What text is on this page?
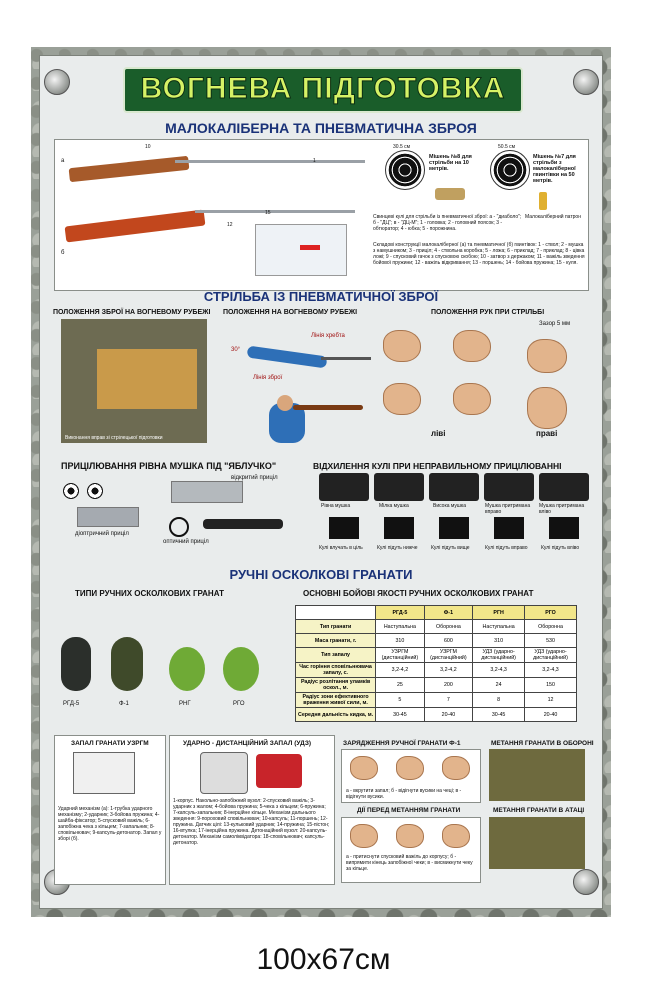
ВОГНЕВА ПІДГОТОВКА
МАЛОКАЛІБЕРНА ТА ПНЕВМАТИЧНА ЗБРОЯ
а
б
10
1
12
15
30.5 см
Мішень №8 для стрільби на 10 метрів.
50.5 см
Мішень №7 для стрільби з малокаліберної гвинтівки на 50 метрів.
Малокаліберний патрон
Свинцеві кулі для стрільби із пневматичної зброї: а - "диаболо"; б - "ДЦ"; в - "ДЦ-М"; 1 - головка; 2 - головний поясок; 3 - обтюратор; 4 - юбка; 5 - порожнина.
Складові конструкції малокаліберної (а) та пневматичної (б) гвинтівок: 1 - ствол; 2 - мушка з намушником; 3 - приціл; 4 - ствольна коробка; 5 - ложа; 6 - приклад; 7 - приклад; 8 - цівка ложі; 9 - спусковий гачок з спусковою скобою; 10 - затвор з держаком; 11 - важіль зведення бойової пружини; 12 - важіль відкривання; 13 - поршень; 14 - бойова пружина; 15 - куля.
СТРІЛЬБА ІЗ ПНЕВМАТИЧНОЇ ЗБРОЇ
ПОЛОЖЕННЯ ЗБРОЇ НА ВОГНЕВОМУ РУБЕЖІ
Виконання вправ зі стрілецької підготовки
ПОЛОЖЕННЯ НА ВОГНЕВОМУ РУБЕЖІ
Лінія хребта
Лінія зброї
30°
ПОЛОЖЕННЯ РУК ПРИ СТРІЛЬБІ
Зазор 5 мм
ліві	праві
ПРИЦІЛЮВАННЯ РІВНА МУШКА ПІД "ЯБЛУЧКО"
діоптричний приціл
відкритий приціл
оптичний приціл
ВІДХИЛЕННЯ КУЛІ ПРИ НЕПРАВИЛЬНОМУ ПРИЦІЛЮВАННІ
Рівна мушка	Мілка мушка	Висока мушка	Мушка притримана вправо
Мушка притримана вліво
Кулі влучать в ціль	Кулі підуть нижче	Кулі підуть вище	Кулі підуть вправо	Кулі підуть вліво
РУЧНІ ОСКОЛКОВІ ГРАНАТИ
ТИПИ РУЧНИХ ОСКОЛКОВИХ ГРАНАТ
РГД-5	Ф-1	РНГ	РГО
ОСНОВНІ БОЙОВІ ЯКОСТІ РУЧНИХ ОСКОЛКОВИХ ГРАНАТ
	РГД-5	Ф-1	РГН	РГО
Тип гранати	Наступальна	Оборонна	Наступальна	Оборонна
Маса гранати, г.	310	600	310	530
Тип запалу	УЗРГМ (дистанційний)	УЗРГМ (дистанційний)	УДЗ (ударно-дистанційний)	УДЗ (ударно-дистанційний)
Час горіння сповільнювача запалу, с.	3,2-4,2	3,2-4,2	3,2-4,3	3,2-4,3
Радіус розлітання уламків оскол., м.	25	200	24	150
Радіус зони ефективного враження живої сили, м.	5	7	8	12
Середня дальність кидка, м.	30-45	20-40	30-45	20-40
Ударний механізм (а): 1-трубка ударного механізму; 2-ударник; 3-бойова пружина; 4-шайба-фіксатор; 5-спусковий важіль; 6-запобіжна чека з кільцем; 7-запальник; 8-сповільнювач; 9-капсуль-детонатор. Запал у зборі (б).
ЗАПАЛ ГРАНАТИ УЗРГМ
1-корпус. Накольно-запобіжний вузол: 2-спусковий важіль; 3-ударник з жалом; 4-бойова пружина; 5-чека з кільцем; 6-пружина; 7-капсуль-запальник; 8-інерційне кільце. Механізм дальнього зведення: 9-пороховий сповільнювач; 10-капсуль; 11-поршень; 12-пружина. Датчик цілі: 13-кульковий ударник; 14-пружина; 15-пістон; 16-втулка; 17-інерційна пружина. Детонаційний вузол: 20-капсуль-детонатор. Механізм самоліквідатора: 18-сповільнювач; капсуль-детонатор.
УДАРНО - ДИСТАНЦІЙНИЙ ЗАПАЛ (УДЗ)	ЗАРЯДЖЕННЯ РУЧНОЇ ГРАНАТИ Ф-1
а - вкрутити запал; б - відігнути вусики на чеці; в - відігнути вусики.
МЕТАННЯ ГРАНАТИ В ОБОРОНІ
ДІЇ ПЕРЕД МЕТАННЯМ ГРАНАТИ
а - притиснути спусковий важіль до корпусу; б - випрямити кінець запобіжної чеки; в - висмикнути чеку за кільце.
МЕТАННЯ ГРАНАТИ В АТАЦІ
100х67см
